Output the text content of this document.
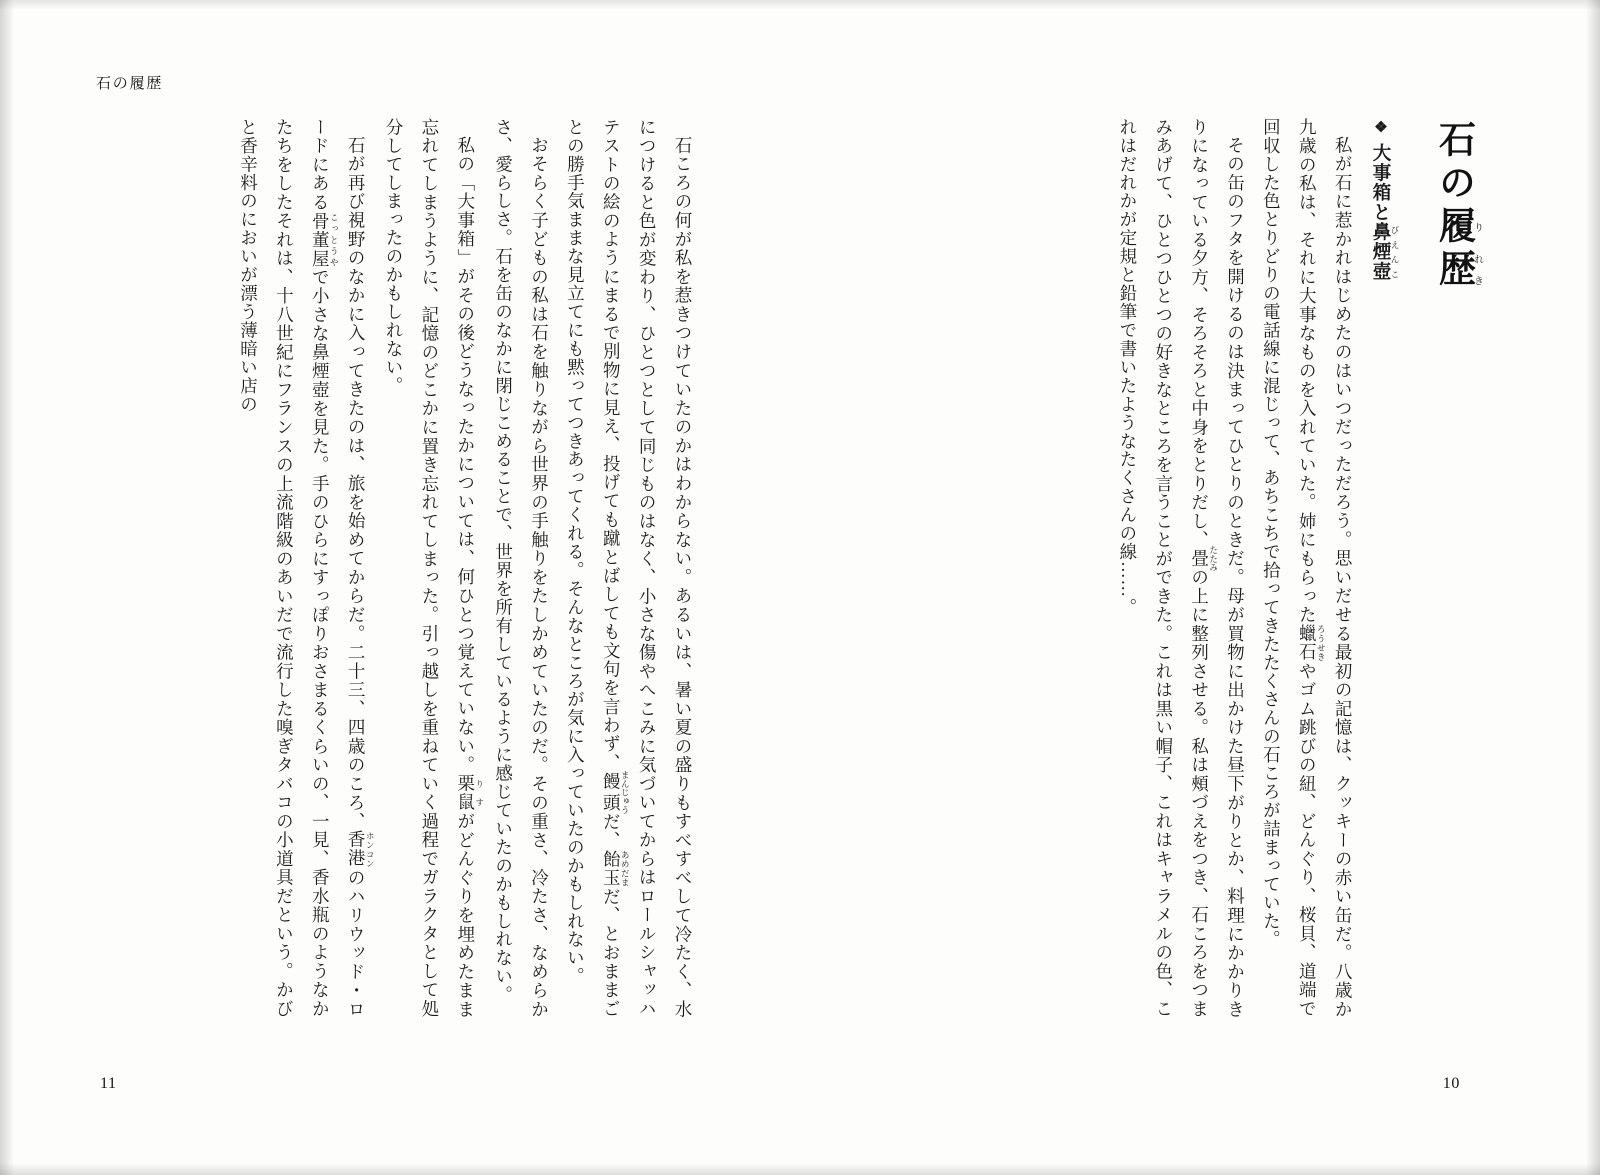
石の履り歴れき
❖大事箱と鼻煙壺 びえんこ

私が石に惹かれはじめたのはいつだっただろう。思いだせる最初の記憶は、クッキーの赤い缶だ。八歳か九歳の私は、それに大事なものを入れていた。姉にもらった蠟石 ろうせきやゴム跳びの紐、どんぐり、桜貝、道端で回収した色とりどりの電話線に混じって、あちこちで拾ってきたたくさんの石ころが詰まっていた。

その缶のフタを開けるのは決まってひとりのときだ。母が買物に出かけた昼下がりとか、料理にかかりきりになっている夕方、そろそろと中身をとりだし、畳 たたみの上に整列させる。私は頰づえをつき、石ころをつまみあげて、ひとつひとつの好きなところを言うことができた。これは黒い帽子、これはキャラメルの色、これはだれかが定規と鉛筆で書いたようなたくさんの線……。

10
石の履歴

石ころの何が私を惹きつけていたのかはわからない。あるいは、暑い夏の盛りもすべすべして冷たく、水につけると色が変わり、ひとつとして同じものはなく、小さな傷やへこみに気づいてからはロールシャッハテストの絵のようにまるで別物に見え、投げても蹴とばしても文句を言わず、饅頭 まんじゅうだ、飴玉 あめだまだ、とおままごとの勝手気ままな見立てにも黙ってつきあってくれる。そんなところが気に入っていたのかもしれない。

おそらく子どもの私は石を触りながら世界の手触りをたしかめていたのだ。その重さ、冷たさ、なめらかさ、愛らしさ。石を缶のなかに閉じこめることで、世界を所有しているように感じていたのかもしれない。

私の「大事箱」がその後どうなったかについては、何ひとつ覚えていない。栗鼠 りすがどんぐりを埋めたまま忘れてしまうように、記憶のどこかに置き忘れてしまった。引っ越しを重ねていく過程でガラクタとして処分してしまったのかもしれない。

石が再び視野のなかに入ってきたのは、旅を始めてからだ。二十三、四歳のころ、香港 ホンコンのハリウッド・ロードにある骨董屋 こっとうやで小さな鼻煙壺を見た。手のひらにすっぽりおさまるくらいの、一見、香水瓶のようなかたちをしたそれは、十八世紀にフランスの上流階級のあいだで流行した嗅ぎタバコの小道具だという。かびと香辛料のにおいが漂う薄暗い店の

11
